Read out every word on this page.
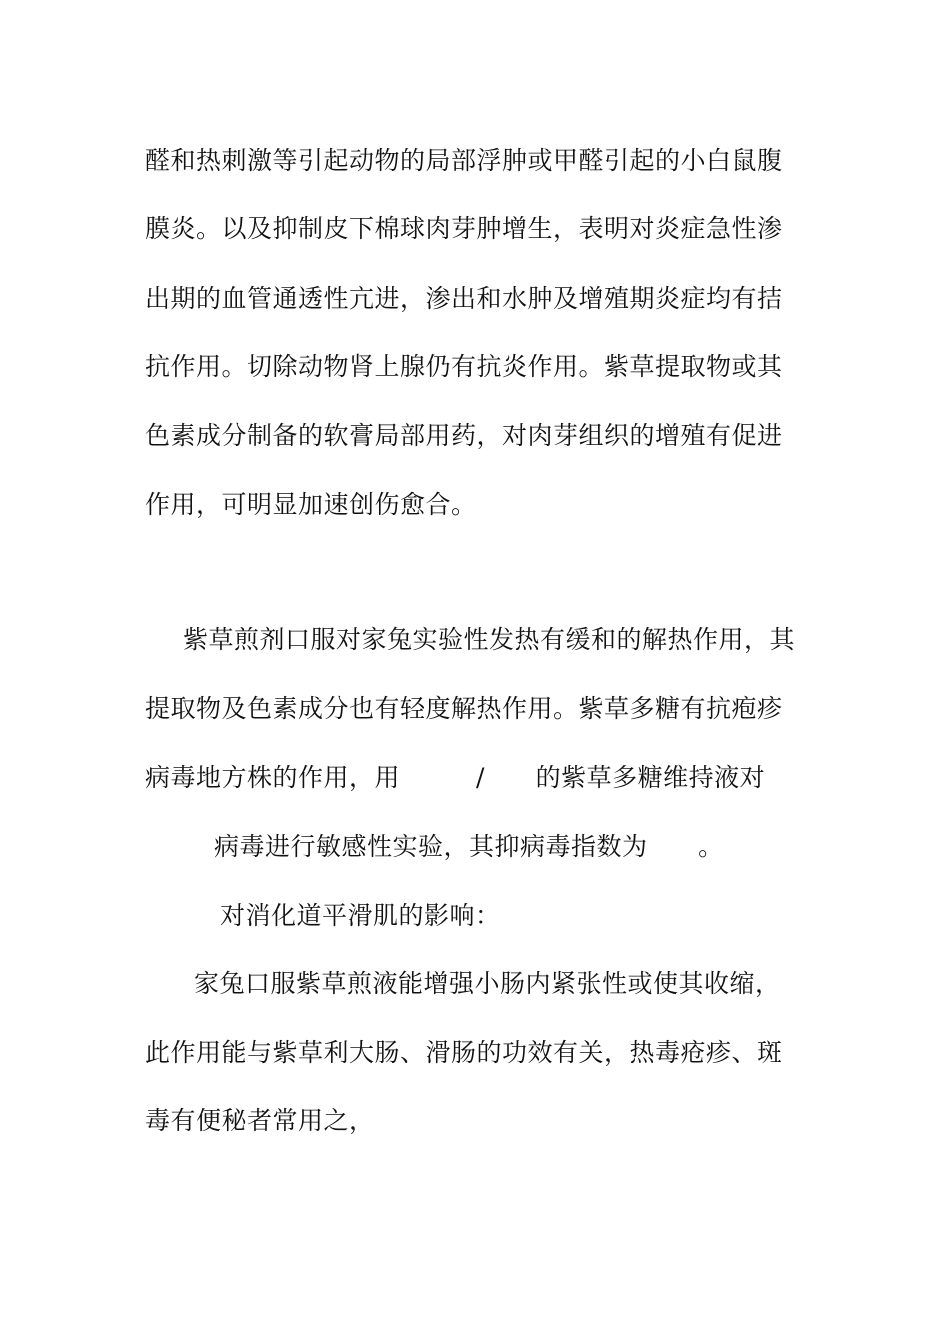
醛和热刺激等引起动物的局部浮肿或甲醛引起的小白鼠腹
膜炎。以及抑制皮下棉球肉芽肿增生，表明对炎症急性渗
出期的血管通透性亢进，渗出和水肿及增殖期炎症均有拮
抗作用。切除动物肾上腺仍有抗炎作用。紫草提取物或其
色素成分制备的软膏局部用药，对肉芽组织的增殖有促进
作用，可明显加速创伤愈合。
紫草煎剂口服对家兔实验性发热有缓和的解热作用，其
提取物及色素成分也有轻度解热作用。紫草多糖有抗疱疹
病毒地方株的作用，用         /      的紫草多糖维持液对
病毒进行敏感性实验，其抑病毒指数为      。
对消化道平滑肌的影响：
家兔口服紫草煎液能增强小肠内紧张性或使其收缩，
此作用能与紫草利大肠、滑肠的功效有关，热毒疮疹、斑
毒有便秘者常用之，
